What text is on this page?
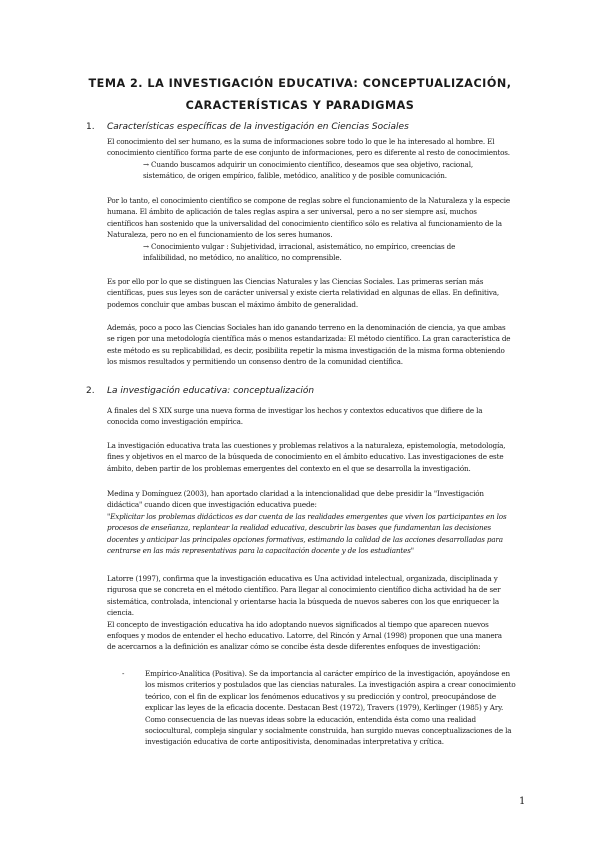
TEMA 2. LA INVESTIGACIÓN EDUCATIVA: CONCEPTUALIZACIÓN,
CARACTERÍSTICAS Y PARADIGMAS
1. Características específicas de la investigación en Ciencias Sociales
El conocimiento del ser humano, es la suma de informaciones sobre todo lo que le ha interesado al hombre. El
conocimiento científico forma parte de ese conjunto de informaciones, pero es diferente al resto de conocimientos.
→ Cuando buscamos adquirir un conocimiento científico, deseamos que sea objetivo, racional,
sistemático, de origen empírico, falible, metódico, analítico y de posible comunicación.
Por lo tanto, el conocimiento científico se compone de reglas sobre el funcionamiento de la Naturaleza y la especie
humana. El ámbito de aplicación de tales reglas aspira a ser universal, pero a no ser siempre así, muchos
científicos han sostenido que la universalidad del conocimiento científico sólo es relativa al funcionamiento de la
Naturaleza, pero no en el funcionamiento de los seres humanos.
→ Conocimiento vulgar : Subjetividad, irracional, asistemático, no empírico, creencias de
infalibilidad, no metódico, no analítico, no comprensible.
Es por ello por lo que se distinguen las Ciencias Naturales y las Ciencias Sociales. Las primeras serían más
científicas, pues sus leyes son de carácter universal y existe cierta relatividad en algunas de ellas. En definitiva,
podemos concluir que ambas buscan el máximo ámbito de generalidad.
Además, poco a poco las Ciencias Sociales han ido ganando terreno en la denominación de ciencia, ya que ambas
se rigen por una metodología científica más o menos estandarizada: El método científico. La gran característica de
este método es su replicabilidad, es decir, posibilita repetir la misma investigación de la misma forma obteniendo
los mismos resultados y permitiendo un consenso dentro de la comunidad científica.
2. La investigación educativa: conceptualización
A finales del S XIX surge una nueva forma de investigar los hechos y contextos educativos que difiere de la
conocida como investigación empírica.
La investigación educativa trata las cuestiones y problemas relativos a la naturaleza, epistemología, metodología,
fines y objetivos en el marco de la búsqueda de conocimiento en el ámbito educativo. Las investigaciones de este
ámbito, deben partir de los problemas emergentes del contexto en el que se desarrolla la investigación.
Medina y Domínguez (2003), han aportado claridad a la intencionalidad que debe presidir la "Investigación
didáctica" cuando dicen que investigación educativa puede:
"Explicitar los problemas didácticos es dar cuenta de las realidades emergentes que viven los participantes en los
procesos de enseñanza, replantear la realidad educativa, descubrir las bases que fundamentan las decisiones
docentes y anticipar las principales opciones formativas, estimando la calidad de las acciones desarrolladas para
centrarse en las más representativas para la capacitación docente y de los estudiantes"
Latorre (1997), confirma que la investigación educativa es Una actividad intelectual, organizada, disciplinada y
rigurosa que se concreta en el método científico. Para llegar al conocimiento científico dicha actividad ha de ser
sistemática, controlada, intencional y orientarse hacia la búsqueda de nuevos saberes con los que enriquecer la
ciencia.
El concepto de investigación educativa ha ido adoptando nuevos significados al tiempo que aparecen nuevos
enfoques y modos de entender el hecho educativo. Latorre, del Rincón y Arnal (1998) proponen que una manera
de acercarnos a la definición es analizar cómo se concibe ésta desde diferentes enfoques de investigación:
-	Empírico-Analítica (Positiva). Se da importancia al carácter empírico de la investigación, apoyándose en
los mismos criterios y postulados que las ciencias naturales. La investigación aspira a crear conocimiento
teórico, con el fin de explicar los fenómenos educativos y su predicción y control, preocupándose de
explicar las leyes de la eficacia docente. Destacan Best (1972), Travers (1979), Kerlinger (1985) y Ary.
Como consecuencia de las nuevas ideas sobre la educación, entendida ésta como una realidad
sociocultural, compleja singular y socialmente construida, han surgido nuevas conceptualizaciones de la
investigación educativa de corte antipositivista, denominadas interpretativa y crítica.
1
